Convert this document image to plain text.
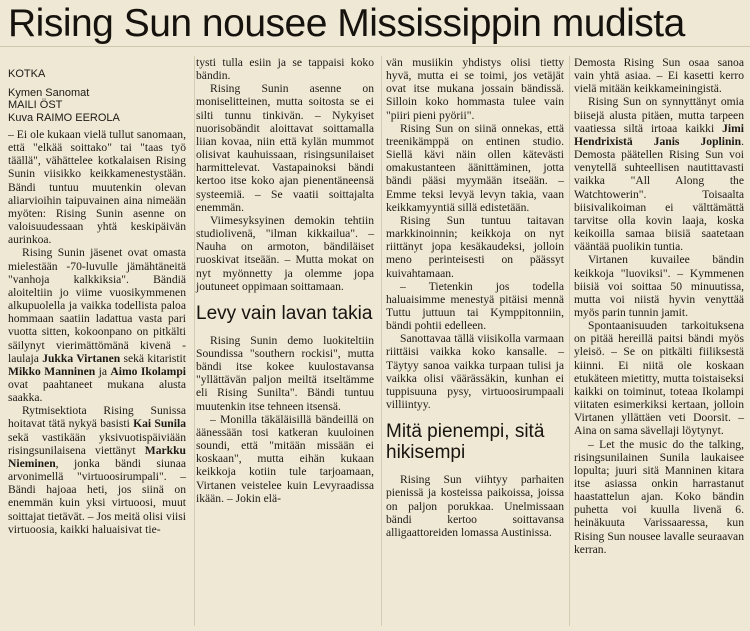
Rising Sun nousee Mississippin mudista
KOTKA
Kymen Sanomat
MAILI ÖST
Kuva RAIMO EEROLA

– Ei ole kukaan vielä tullut sanomaan, että "elkää soittako" tai "taas työ täällä", vähättelee kotkalaisen Rising Sunin viisikko keikkamenestystään. Bändi tuntuu muutenkin olevan aliarvioihin taipuvainen aina nimeään myöten: Rising Sunin asenne on valoisuudessaan yhtä keskipäivän aurinkoa.

Rising Sunin jäsenet ovat omasta mielestään -70-luvulle jämähtäneitä "vanhoja kalkkiksia". Bändiä aloiteltiin jo viime vuosikymmenen alkupuolella ja vaikka todellista paloa hommaan saatiin ladattua vasta pari vuotta sitten, kokoonpano on pitkälti säilynyt vierimättömänä kivenä - laulaja Jukka Virtanen sekä kitaristit Mikko Manninen ja Aimo Ikolampi ovat paahtaneet mukana alusta saakka.

Rytmisektiota Rising Sunissa hoitavat tätä nykyä basisti Kai Sunila sekä vastikään yksivuotispäiviään risingsunilaisena viettänyt Markku Nieminen, jonka bändi siunaa arvonimellä "virtuoosirumpali". – Bändi hajoaa heti, jos siinä on enemmän kuin yksi virtuoosi, muut soittajat tietävät. – Jos meitä olisi viisi virtuoosia, kaikki haluaisivat tie-

tysti tulla esiin ja se tappaisi koko bändin.

Rising Sunin asenne on moniselitteinen, mutta soitosta se ei silti tunnu tinkivän. – Nykyiset nuorisobändit aloittavat soittamalla liian kovaa, niin että kylän mummot olisivat kauhuissaan, risingsunilaiset harmittelevat. Vastapainoksi bändi kertoo itse koko ajan pienentäneensä systeemiä. – Se vaatii soittajalta enemmän.

Viimesyksyinen demokin tehtiin studiolivenä, "ilman kikkailua". – Nauha on armoton, bändiläiset ruoskivat itseään. – Mutta mokat on nyt myönnetty ja olemme jopa joutuneet oppimaan soittamaan.

Levy vain lavan takia

Rising Sunin demo luokiteltiin Soundissa "southern rockisi", mutta bändi itse kokee kuulostavansa "yllättävän paljon meiltä itseltämme eli Rising Sunilta". Bändi tuntuu muutenkin itse tehneen itsensä.

– Monilla täkäläisillä bändeillä on äänessään tosi katkeran kuuloinen soundi, että "mitään missään ei koskaan", mutta eihän kukaan keikkoja kotiin tule tarjoamaan, Virtanen veistelee kuin Levyraadissa ikään. – Jokin elä-

vän musiikin yhdistys olisi tietty hyvä, mutta ei se toimi, jos vetäjät ovat itse mukana jossain bändissä. Silloin koko hommasta tulee vain "piiri pieni pyörii".

Rising Sun on siinä onnekas, että treenikämppä on entinen studio. Siellä kävi näin ollen kätevästi omakustanteen äänittäminen, jotta bändi pääsi myymään itseään. – Emme teksi levyä levyn takia, vaan keikkamyyntiä sillä edistetään.

Rising Sun tuntuu taitavan markkinoinnin; keikkoja on nyt riittänyt jopa kesäkaudeksi, jolloin meno perinteisesti on päässyt kuivahtamaan.

– Tietenkin jos todella haluaisimme menestyä pitäisi mennä Tuttu juttuun tai Kymppitonniin, bändi pohtii edelleen.

Sanottavaa tällä viisikolla varmaan riittäisi vaikka koko kansalle. – Täytyy sanoa vaikka turpaan tulisi ja vaikka olisi väärässäkin, kunhan ei tuppisuuna pysy, virtuoosirumpaali villiintyy.

Mitä pienempi, sitä hikisempi

Rising Sun viihtyy parhaiten pienissä ja kosteissa paikoissa, joissa on paljon porukkaa. Unelmissaan bändi kertoo soittavansa alligaattoreiden lomassa Austinissa.

Demosta Rising Sun osaa sanoa vain yhtä asiaa. – Ei kasetti kerro vielä mitään keikkameiningistä.

Rising Sun on synnyttänyt omia biisejä alusta pitäen, mutta tarpeen vaatiessa siltä irtoaa kaikki Jimi Hendrixistä Janis Joplinin. Demosta päätellen Rising Sun voi venytellä suhteellisen nautittavasti vaikka "All Along the Watchtowerin". Toisaalta biisivalikoiman ei välttämättä tarvitse olla kovin laaja, koska keikoilla samaa biisiä saatetaan vääntää puolikin tuntia.

Virtanen kuvailee bändin keikkoja "luoviksi". – Kymmenen biisiä voi soittaa 50 minuutissa, mutta voi niistä hyvin venyttää myös parin tunnin jamit.

Spontaanisuuden tarkoituksena on pitää hereillä paitsi bändi myös yleisö. – Se on pitkälti fiiliksestä kiinni. Ei niitä ole koskaan etukäteen mietitty, mutta toistaiseksi kaikki on toiminut, toteaa Ikolampi viitaten esimerkiksi kertaan, jolloin Virtanen yllättäen veti Doorsit. – Aina on sama sävellaji löytynyt.

– Let the music do the talking, risingsunilainen Sunila laukaisee lopulta; juuri sitä Manninen kitara itse asiassa onkin harrastanut haastattelun ajan. Koko bändin puhetta voi kuulla livenä 6. heinäkuuta Varissaaressa, kun Rising Sun nousee lavalle seuraavan kerran.
